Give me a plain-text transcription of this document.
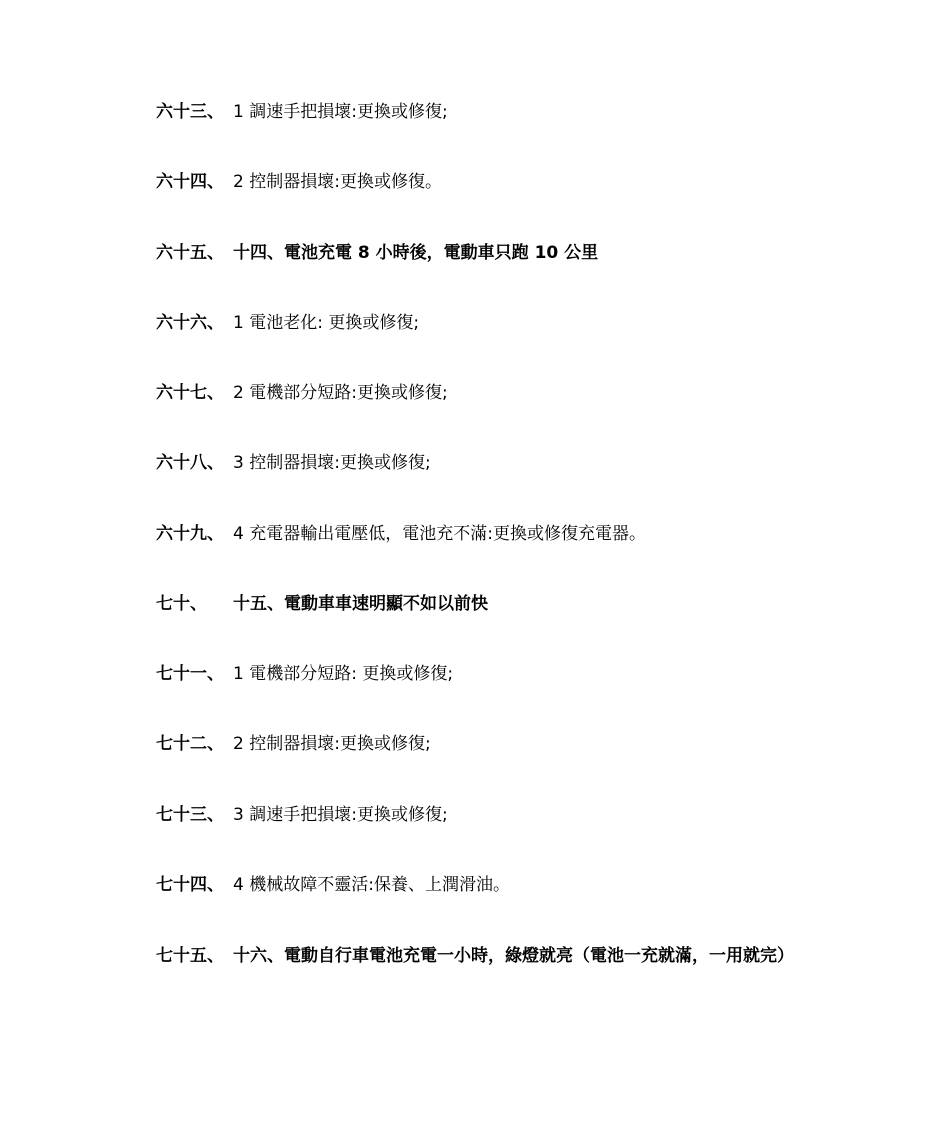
六十三、 1 調速手把損壞:更換或修復;
六十四、 2 控制器損壞:更換或修復。
六十五、 十四、電池充電 8 小時後，電動車只跑 10 公里
六十六、 1 電池老化: 更換或修復;
六十七、 2 電機部分短路:更換或修復;
六十八、 3 控制器損壞:更換或修復;
六十九、 4 充電器輸出電壓低，電池充不滿:更換或修復充電器。
七十、 十五、電動車車速明顯不如以前快
七十一、 1 電機部分短路: 更換或修復;
七十二、 2 控制器損壞:更換或修復;
七十三、 3 調速手把損壞:更換或修復;
七十四、 4 機械故障不靈活:保養、上潤滑油。
七十五、 十六、電動自行車電池充電一小時，綠燈就亮（電池一充就滿，一用就完）
